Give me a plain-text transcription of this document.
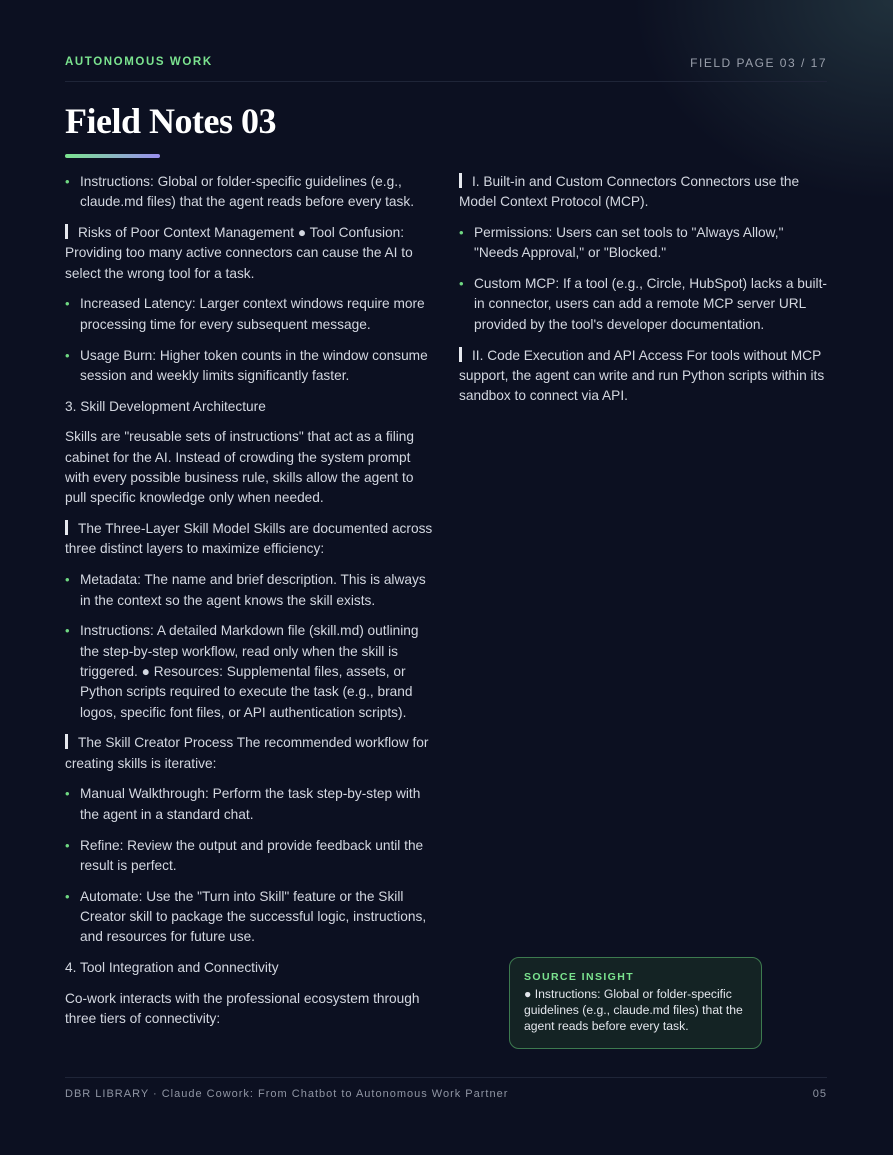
AUTONOMOUS WORK	FIELD PAGE 03 / 17
Field Notes 03
• Instructions: Global or folder-specific guidelines (e.g., claude.md files) that the agent reads before every task.
Risks of Poor Context Management ● Tool Confusion: Providing too many active connectors can cause the AI to select the wrong tool for a task.
• Increased Latency: Larger context windows require more processing time for every subsequent message.
• Usage Burn: Higher token counts in the window consume session and weekly limits significantly faster.
3. Skill Development Architecture
Skills are "reusable sets of instructions" that act as a filing cabinet for the AI. Instead of crowding the system prompt with every possible business rule, skills allow the agent to pull specific knowledge only when needed.
The Three-Layer Skill Model Skills are documented across three distinct layers to maximize efficiency:
• Metadata: The name and brief description. This is always in the context so the agent knows the skill exists.
• Instructions: A detailed Markdown file (skill.md) outlining the step-by-step workflow, read only when the skill is triggered. ● Resources: Supplemental files, assets, or Python scripts required to execute the task (e.g., brand logos, specific font files, or API authentication scripts).
The Skill Creator Process The recommended workflow for creating skills is iterative:
• Manual Walkthrough: Perform the task step-by-step with the agent in a standard chat.
• Refine: Review the output and provide feedback until the result is perfect.
• Automate: Use the "Turn into Skill" feature or the Skill Creator skill to package the successful logic, instructions, and resources for future use.
4. Tool Integration and Connectivity
Co-work interacts with the professional ecosystem through three tiers of connectivity:
I. Built-in and Custom Connectors Connectors use the Model Context Protocol (MCP).
• Permissions: Users can set tools to "Always Allow," "Needs Approval," or "Blocked."
• Custom MCP: If a tool (e.g., Circle, HubSpot) lacks a built-in connector, users can add a remote MCP server URL provided by the tool's developer documentation.
II. Code Execution and API Access For tools without MCP support, the agent can write and run Python scripts within its sandbox to connect via API.
SOURCE INSIGHT
● Instructions: Global or folder-specific guidelines (e.g., claude.md files) that the agent reads before every task.
DBR LIBRARY · Claude Cowork: From Chatbot to Autonomous Work Partner	05
